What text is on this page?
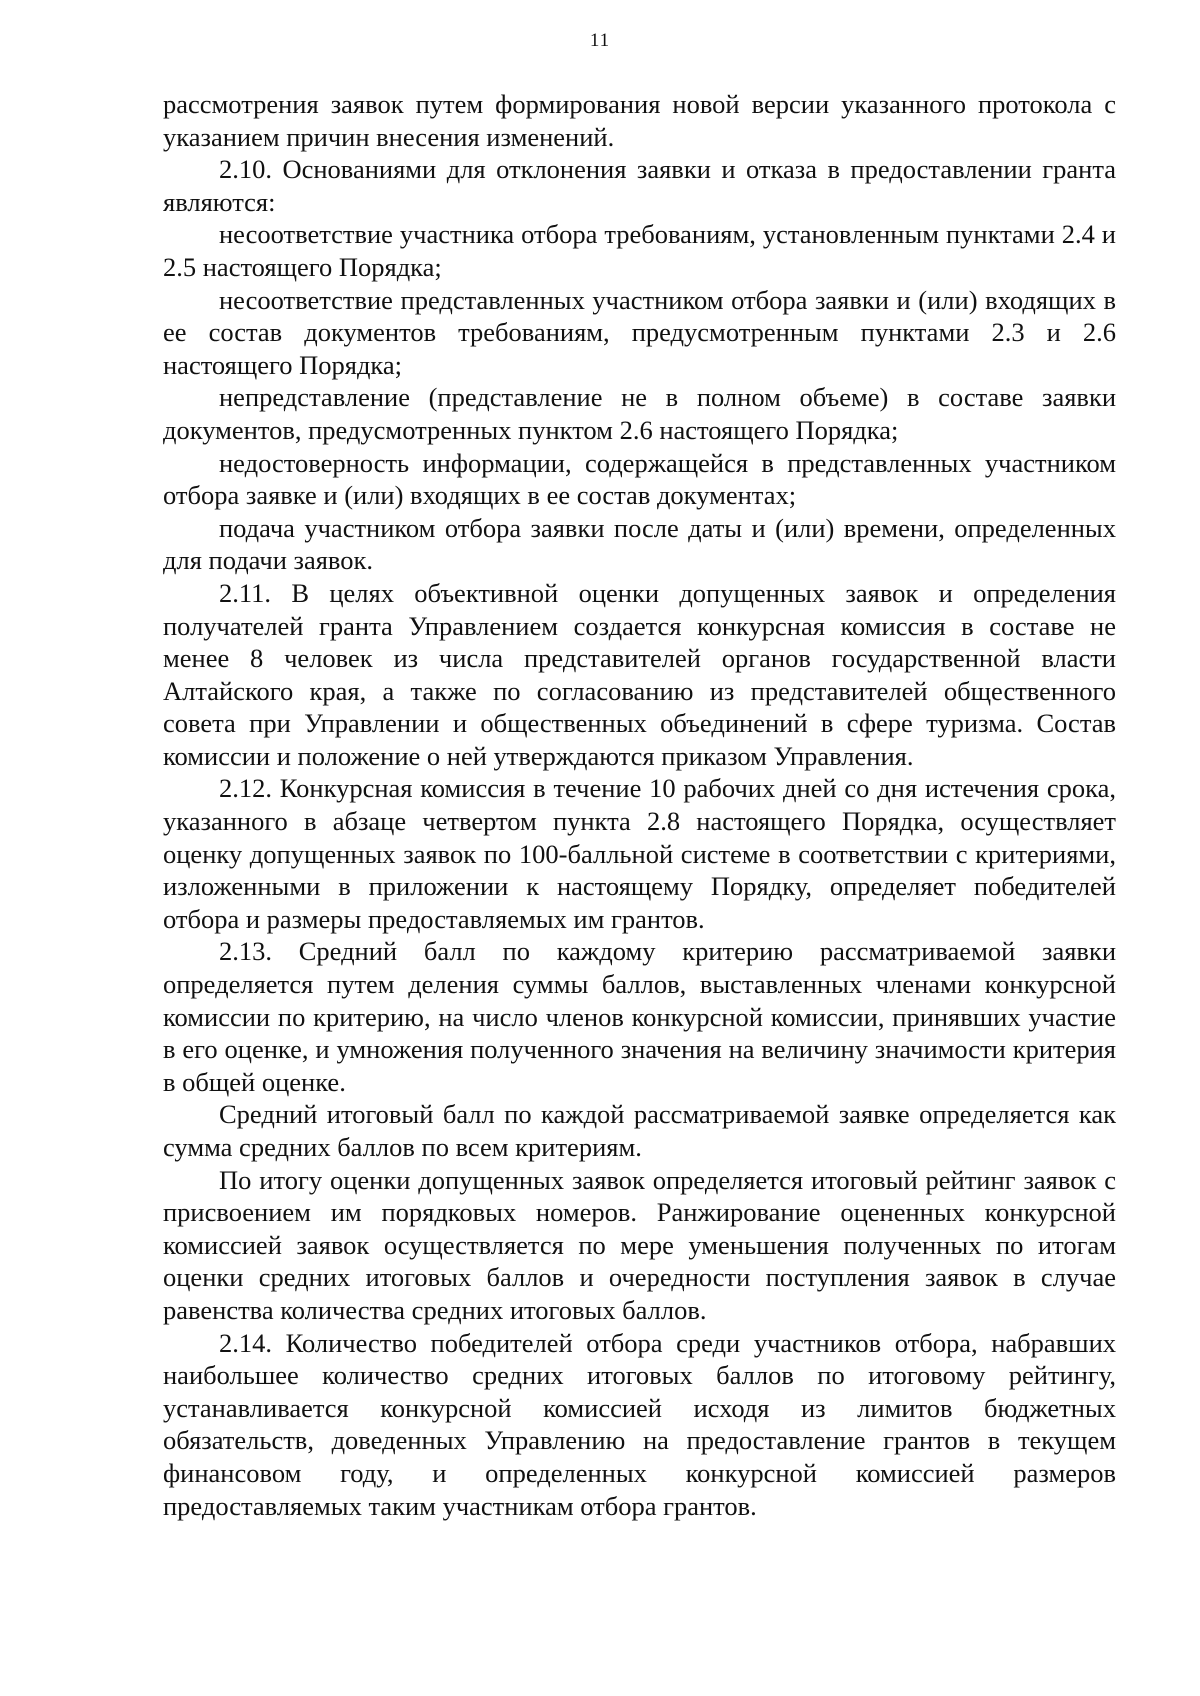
11

рассмотрения заявок путем формирования новой версии указанного протокола с указанием причин внесения изменений.

2.10. Основаниями для отклонения заявки и отказа в предоставлении гранта являются:

несоответствие участника отбора требованиям, установленным пунктами 2.4 и 2.5 настоящего Порядка;

несоответствие представленных участником отбора заявки и (или) входящих в ее состав документов требованиям, предусмотренным пунктами 2.3 и 2.6 настоящего Порядка;

непредставление (представление не в полном объеме) в составе заявки документов, предусмотренных пунктом 2.6 настоящего Порядка;

недостоверность информации, содержащейся в представленных участником отбора заявке и (или) входящих в ее состав документах;

подача участником отбора заявки после даты и (или) времени, определенных для подачи заявок.

2.11. В целях объективной оценки допущенных заявок и определения получателей гранта Управлением создается конкурсная комиссия в составе не менее 8 человек из числа представителей органов государственной власти Алтайского края, а также по согласованию из представителей общественного совета при Управлении и общественных объединений в сфере туризма. Состав комиссии и положение о ней утверждаются приказом Управления.

2.12. Конкурсная комиссия в течение 10 рабочих дней со дня истечения срока, указанного в абзаце четвертом пункта 2.8 настоящего Порядка, осуществляет оценку допущенных заявок по 100-балльной системе в соответствии с критериями, изложенными в приложении к настоящему Порядку, определяет победителей отбора и размеры предоставляемых им грантов.

2.13. Средний балл по каждому критерию рассматриваемой заявки определяется путем деления суммы баллов, выставленных членами конкурсной комиссии по критерию, на число членов конкурсной комиссии, принявших участие в его оценке, и умножения полученного значения на величину значимости критерия в общей оценке.

Средний итоговый балл по каждой рассматриваемой заявке определяется как сумма средних баллов по всем критериям.

По итогу оценки допущенных заявок определяется итоговый рейтинг заявок с присвоением им порядковых номеров. Ранжирование оцененных конкурсной комиссией заявок осуществляется по мере уменьшения полученных по итогам оценки средних итоговых баллов и очередности поступления заявок в случае равенства количества средних итоговых баллов.

2.14. Количество победителей отбора среди участников отбора, набравших наибольшее количество средних итоговых баллов по итоговому рейтингу, устанавливается конкурсной комиссией исходя из лимитов бюджетных обязательств, доведенных Управлению на предоставление грантов в текущем финансовом году, и определенных конкурсной комиссией размеров предоставляемых таким участникам отбора грантов.
